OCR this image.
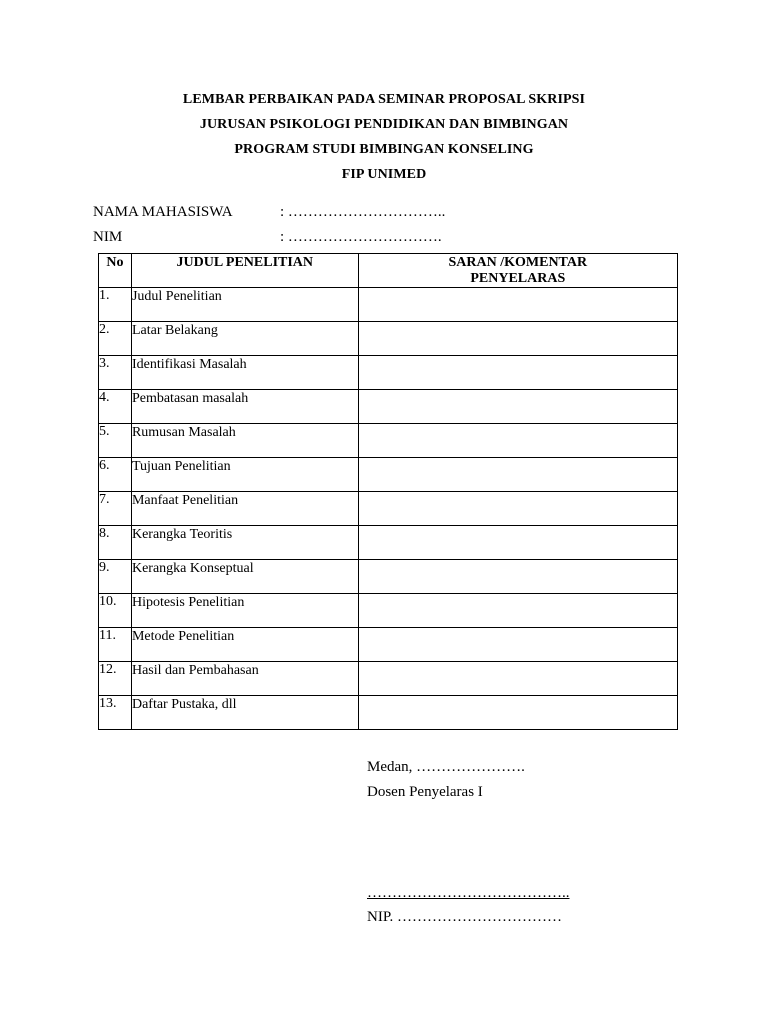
LEMBAR PERBAIKAN PADA SEMINAR PROPOSAL SKRIPSI
JURUSAN PSIKOLOGI PENDIDIKAN DAN BIMBINGAN
PROGRAM STUDI BIMBINGAN KONSELING
FIP UNIMED
NAMA MAHASISWA	: …………………………..
NIM	: ………………………….
No	JUDUL PENELITIAN	SARAN /KOMENTAR
PENYELARAS

1.	Judul Penelitian	
2.	Latar Belakang	
3.	Identifikasi Masalah	
4.	Pembatasan masalah	
5.	Rumusan Masalah	
6.	Tujuan Penelitian	
7.	Manfaat Penelitian	
8.	Kerangka Teoritis	
9.	Kerangka Konseptual	
10.	Hipotesis Penelitian	
11.	Metode Penelitian	
12.	Hasil dan Pembahasan	
13.	Daftar Pustaka, dll	
Medan, ………………….
Dosen Penyelaras I
…………………………………..
NIP. ……………………………
